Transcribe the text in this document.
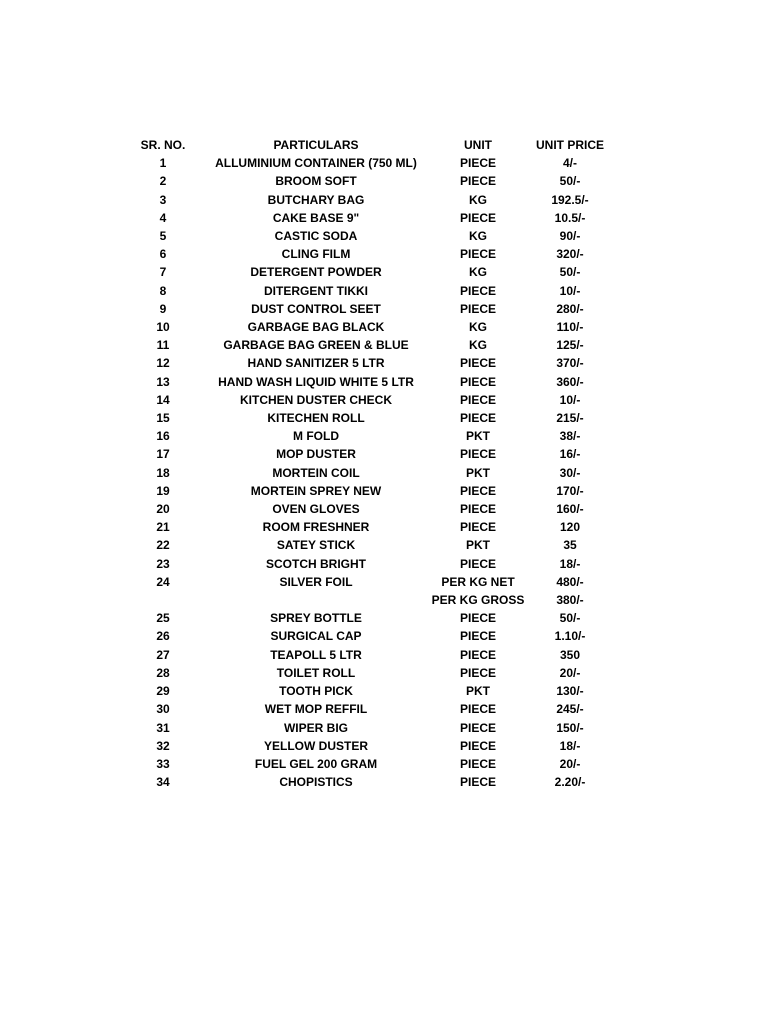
SR. NO.	PARTICULARS	UNIT	UNIT PRICE
1	ALLUMINIUM CONTAINER (750 ML)	PIECE	4/-
2	BROOM SOFT	PIECE	50/-
3	BUTCHARY BAG	KG	192.5/-
4	CAKE BASE 9"	PIECE	10.5/-
5	CASTIC SODA	KG	90/-
6	CLING FILM	PIECE	320/-
7	DETERGENT POWDER	KG	50/-
8	DITERGENT TIKKI	PIECE	10/-
9	DUST CONTROL SEET	PIECE	280/-
10	GARBAGE BAG BLACK	KG	110/-
11	GARBAGE BAG GREEN & BLUE	KG	125/-
12	HAND SANITIZER 5 LTR	PIECE	370/-
13	HAND WASH LIQUID WHITE 5 LTR	PIECE	360/-
14	KITCHEN DUSTER CHECK	PIECE	10/-
15	KITECHEN ROLL	PIECE	215/-
16	M FOLD	PKT	38/-
17	MOP DUSTER	PIECE	16/-
18	MORTEIN COIL	PKT	30/-
19	MORTEIN SPREY NEW	PIECE	170/-
20	OVEN GLOVES	PIECE	160/-
21	ROOM FRESHNER	PIECE	120
22	SATEY STICK	PKT	35
23	SCOTCH BRIGHT	PIECE	18/-
24	SILVER FOIL	PER KG NET	480/-
		PER KG GROSS	380/-
25	SPREY BOTTLE	PIECE	50/-
26	SURGICAL CAP	PIECE	1.10/-
27	TEAPOLL 5 LTR	PIECE	350
28	TOILET ROLL	PIECE	20/-
29	TOOTH PICK	PKT	130/-
30	WET MOP REFFIL	PIECE	245/-
31	WIPER BIG	PIECE	150/-
32	YELLOW DUSTER	PIECE	18/-
33	FUEL GEL 200 GRAM	PIECE	20/-
34	CHOPISTICS	PIECE	2.20/-
